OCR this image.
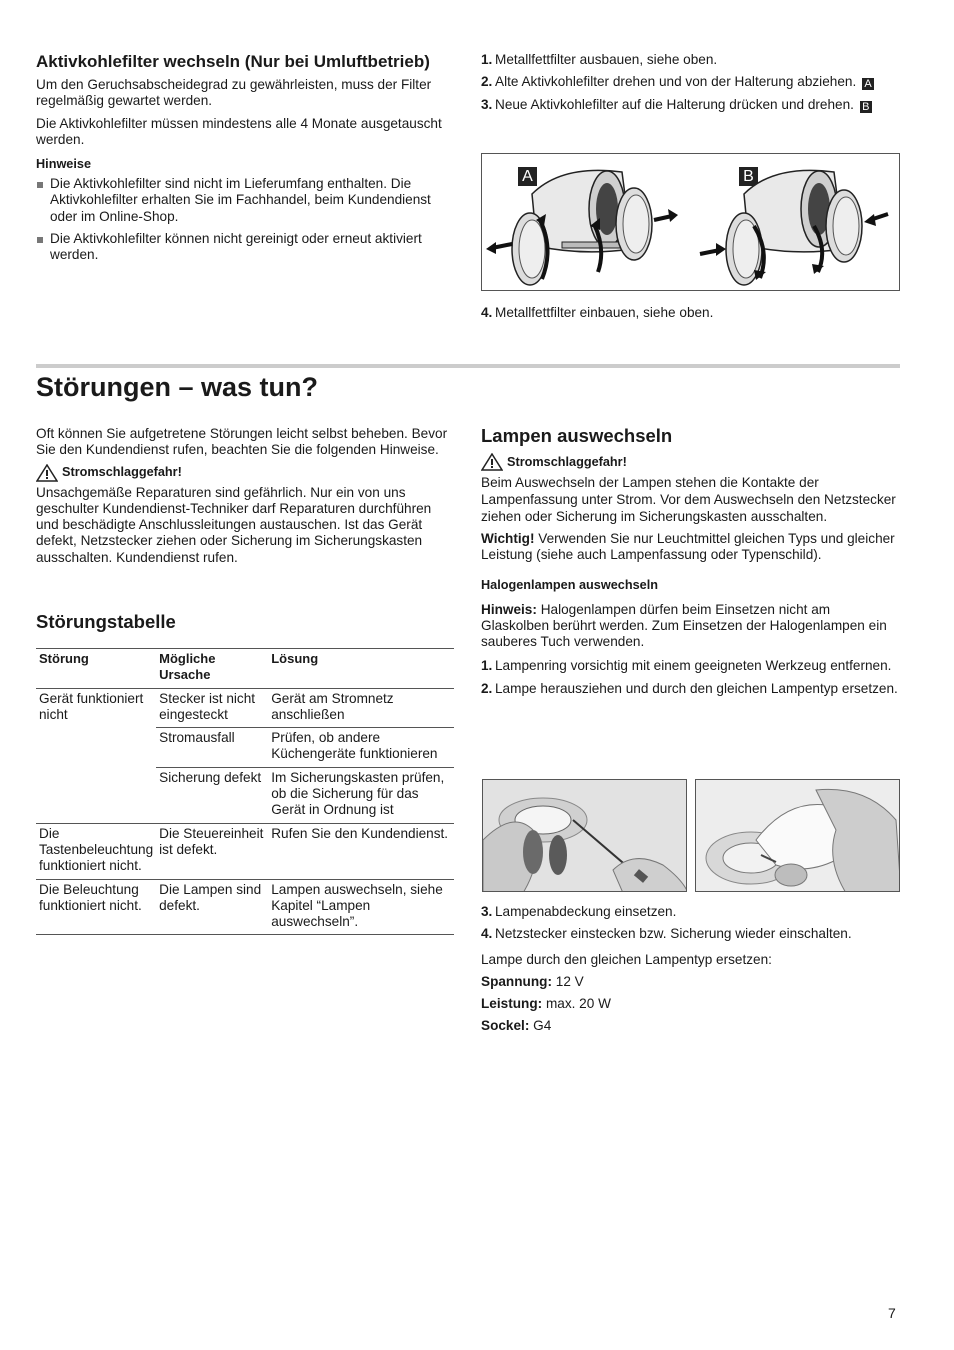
Aktivkohlefilter wechseln (Nur bei Umluftbetrieb)

Um den Geruchsabscheidegrad zu gewährleisten, muss der Filter regelmäßig gewartet werden.

Die Aktivkohlefilter müssen mindestens alle 4 Monate ausgetauscht werden.

Hinweise
Die Aktivkohlefilter sind nicht im Lieferumfang enthalten. Die Aktivkohlefilter erhalten Sie im Fachhandel, beim Kundendienst oder im Online-Shop.
Die Aktivkohlefilter können nicht gereinigt oder erneut aktiviert werden.
1. Metallfettfilter ausbauen, siehe oben.
2. Alte Aktivkohlefilter drehen und von der Halterung abziehen. A
3. Neue Aktivkohlefilter auf die Halterung drücken und drehen. B
A	B
4. Metallfettfilter einbauen, siehe oben.
Störungen – was tun?

Oft können Sie aufgetretene Störungen leicht selbst beheben. Bevor Sie den Kundendienst rufen, beachten Sie die folgenden Hinweise.

Stromschlaggefahr!

Unsachgemäße Reparaturen sind gefährlich. Nur ein von uns geschulter Kundendienst-Techniker darf Reparaturen durchführen und beschädigte Anschlussleitungen austauschen. Ist das Gerät defekt, Netzstecker ziehen oder Sicherung im Sicherungskasten ausschalten. Kundendienst rufen.

Störungstabelle
Störung	Mögliche Ursache	Lösung
Gerät funktioniert nicht	Stecker ist nicht eingesteckt	Gerät am Stromnetz anschließen
	Stromausfall	Prüfen, ob andere Küchengeräte funktionieren
	Sicherung defekt	Im Sicherungskasten prüfen, ob die Sicherung für das Gerät in Ordnung ist
Die Tastenbeleuchtung funktioniert nicht.	Die Steuereinheit ist defekt.	Rufen Sie den Kundendienst.
Die Beleuchtung funktioniert nicht.	Die Lampen sind defekt.	Lampen auswechseln, siehe Kapitel “Lampen auswechseln”.
Lampen auswechseln
Stromschlaggefahr!

Beim Auswechseln der Lampen stehen die Kontakte der Lampenfassung unter Strom. Vor dem Auswechseln den Netzstecker ziehen oder Sicherung im Sicherungskasten ausschalten.

Wichtig! Verwenden Sie nur Leuchtmittel gleichen Typs und gleicher Leistung (siehe auch Lampenfassung oder Typenschild).

Halogenlampen auswechseln

Hinweis: Halogenlampen dürfen beim Einsetzen nicht am Glaskolben berührt werden. Zum Einsetzen der Halogenlampen ein sauberes Tuch verwenden.

1. Lampenring vorsichtig mit einem geeigneten Werkzeug entfernen.
2. Lampe herausziehen und durch den gleichen Lampentyp ersetzen.
3. Lampenabdeckung einsetzen.
4. Netzstecker einstecken bzw. Sicherung wieder einschalten.

Lampe durch den gleichen Lampentyp ersetzen:

Spannung: 12 V

Leistung: max. 20 W

Sockel: G4

7
